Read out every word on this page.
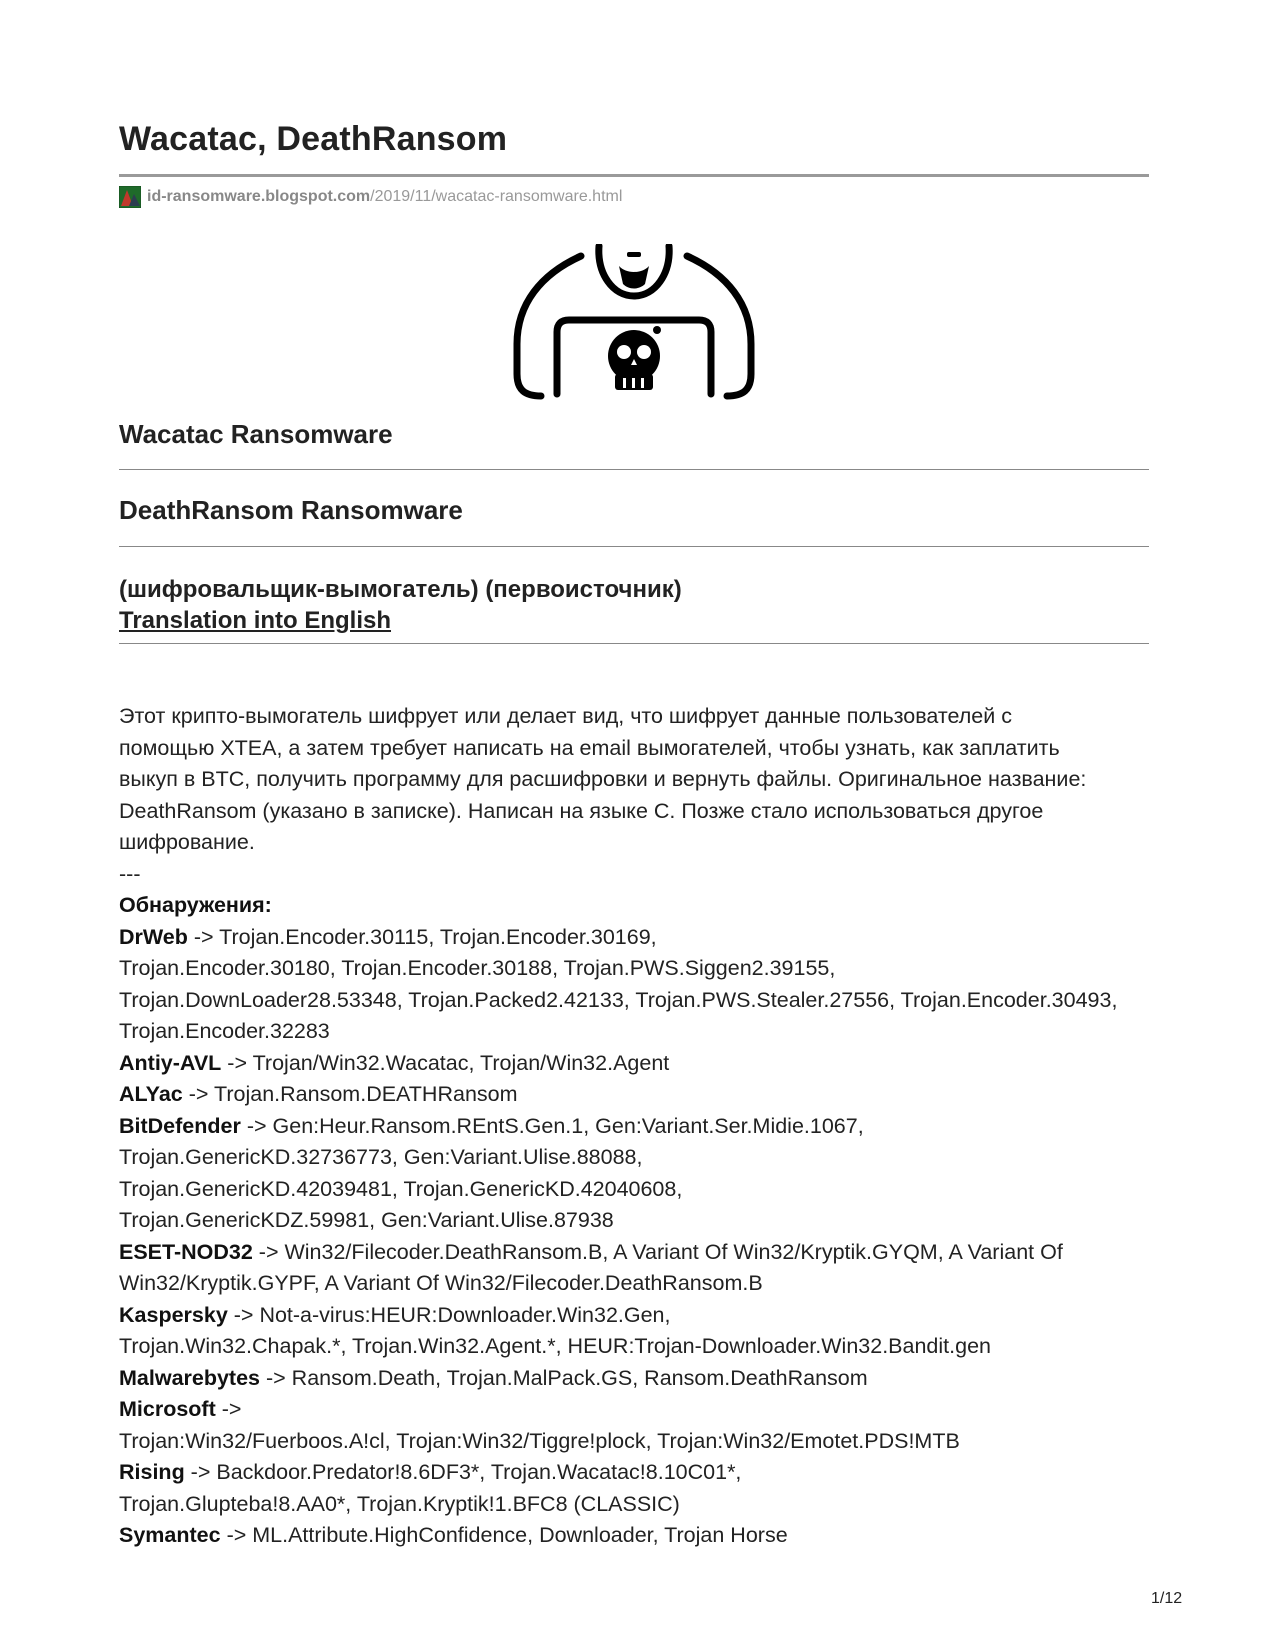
Wacatac, DeathRansom
id-ransomware.blogspot.com /2019/11/wacatac-ransomware.html
Wacatac Ransomware
DeathRansom Ransomware
(шифровальщик-вымогатель) (первоисточник)
Translation into English

Этот крипто-вымогатель шифрует или делает вид, что шифрует данные пользователей с

помощью XTEA, а затем требует написать на email вымогателей, чтобы узнать, как заплатить

выкуп в BTC, получить программу для расшифровки и вернуть файлы. Оригинальное название:

DeathRansom (указано в записке). Написан на языке C. Позже стало использоваться другое

шифрование.

---

Обнаружения:

DrWeb -> Trojan.Encoder.30115, Trojan.Encoder.30169,

Trojan.Encoder.30180, Trojan.Encoder.30188, Trojan.PWS.Siggen2.39155,

Trojan.DownLoader28.53348, Trojan.Packed2.42133, Trojan.PWS.Stealer.27556, Trojan.Encoder.30493,

Trojan.Encoder.32283

Antiy-AVL -> Trojan/Win32.Wacatac, Trojan/Win32.Agent

ALYac -> Trojan.Ransom.DEATHRansom

BitDefender -> Gen:Heur.Ransom.REntS.Gen.1, Gen:Variant.Ser.Midie.1067,

Trojan.GenericKD.32736773, Gen:Variant.Ulise.88088,

Trojan.GenericKD.42039481, Trojan.GenericKD.42040608,

Trojan.GenericKDZ.59981, Gen:Variant.Ulise.87938

ESET-NOD32 -> Win32/Filecoder.DeathRansom.B, A Variant Of Win32/Kryptik.GYQM, A Variant Of

Win32/Kryptik.GYPF, A Variant Of Win32/Filecoder.DeathRansom.B

Kaspersky -> Not-a-virus:HEUR:Downloader.Win32.Gen,

Trojan.Win32.Chapak.*, Trojan.Win32.Agent.*, HEUR:Trojan-Downloader.Win32.Bandit.gen

Malwarebytes -> Ransom.Death, Trojan.MalPack.GS, Ransom.DeathRansom

Microsoft ->

Trojan:Win32/Fuerboos.A!cl, Trojan:Win32/Tiggre!plock, Trojan:Win32/Emotet.PDS!MTB

Rising -> Backdoor.Predator!8.6DF3*, Trojan.Wacatac!8.10C01*,

Trojan.Glupteba!8.AA0*, Trojan.Kryptik!1.BFC8 (CLASSIC)

Symantec -> ML.Attribute.HighConfidence, Downloader, Trojan Horse

1/12
